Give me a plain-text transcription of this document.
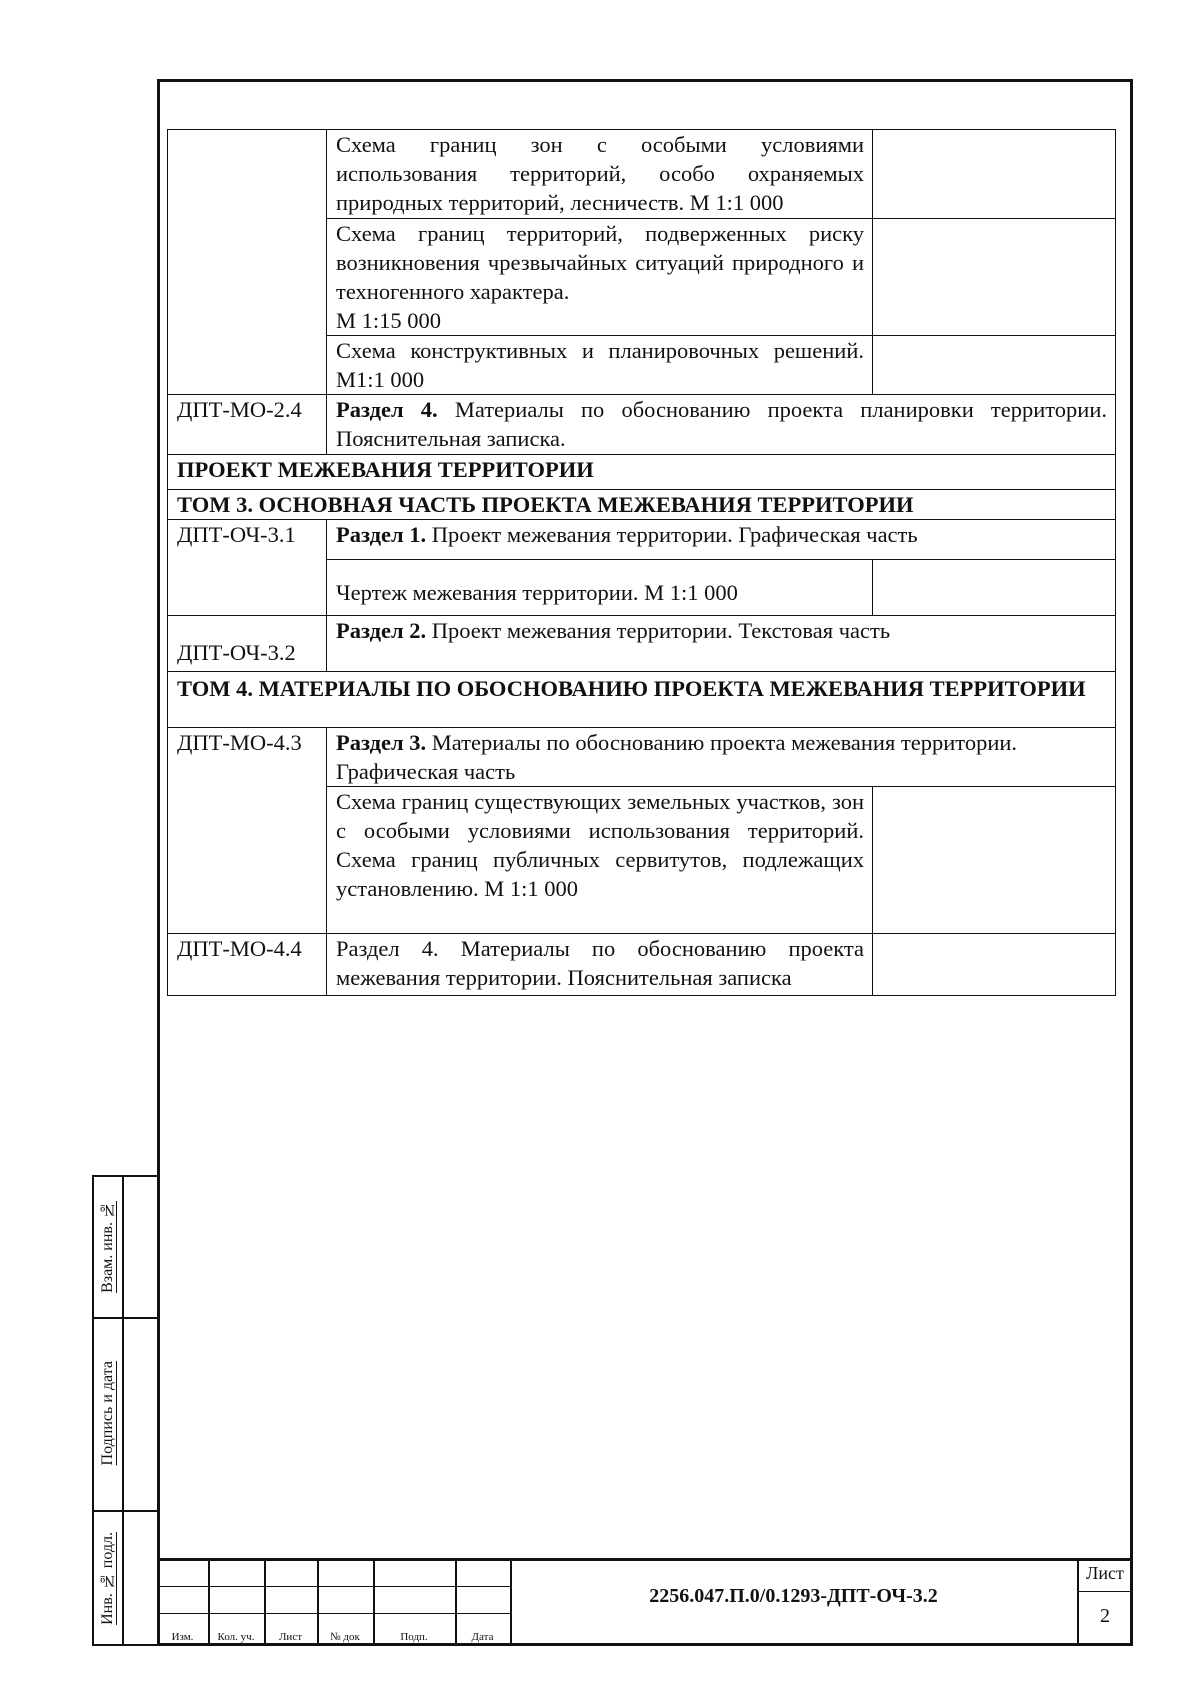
	Схема границ зон с особыми условиями использования территорий, особо охраняемых природных территорий, лесничеств. М 1:1 000	
	Схема границ территорий, подверженных риску возникновения чрезвычайных ситуаций природного и техногенного характера.
М 1:15 000	
	Схема конструктивных и планировочных решений. М1:1 000	
ДПТ-МО-2.4	Раздел 4. Материалы по обоснованию проекта планировки территории. Пояснительная записка.	
ПРОЕКТ МЕЖЕВАНИЯ ТЕРРИТОРИИ		
ТОМ 3. ОСНОВНАЯ ЧАСТЬ ПРОЕКТА МЕЖЕВАНИЯ ТЕРРИТОРИИ		
ДПТ-ОЧ-3.1	Раздел 1. Проект межевания территории. Графическая часть	
	Чертеж межевания территории. М 1:1 000	
ДПТ-ОЧ-3.2	Раздел 2. Проект межевания территории. Текстовая часть	
ТОМ 4. МАТЕРИАЛЫ ПО ОБОСНОВАНИЮ ПРОЕКТА МЕЖЕВАНИЯ ТЕРРИТОРИИ		
ДПТ-МО-4.3	Раздел 3. Материалы по обоснованию проекта межевания территории. Графическая часть	
	Схема границ существующих земельных участков, зон с особыми условиями использования территорий. Схема границ публичных сервитутов, подлежащих установлению. М 1:1 000	
ДПТ-МО-4.4	Раздел 4. Материалы по обоснованию проекта межевания территории. Пояснительная записка	
Взам. инв. №
Подпись и дата
Инв. № подл.
Изм.	Кол. уч.	Лист	№ док	Подп.	Дата
2256.047.П.0/0.1293-ДПТ-ОЧ-3.2
Лист
2
